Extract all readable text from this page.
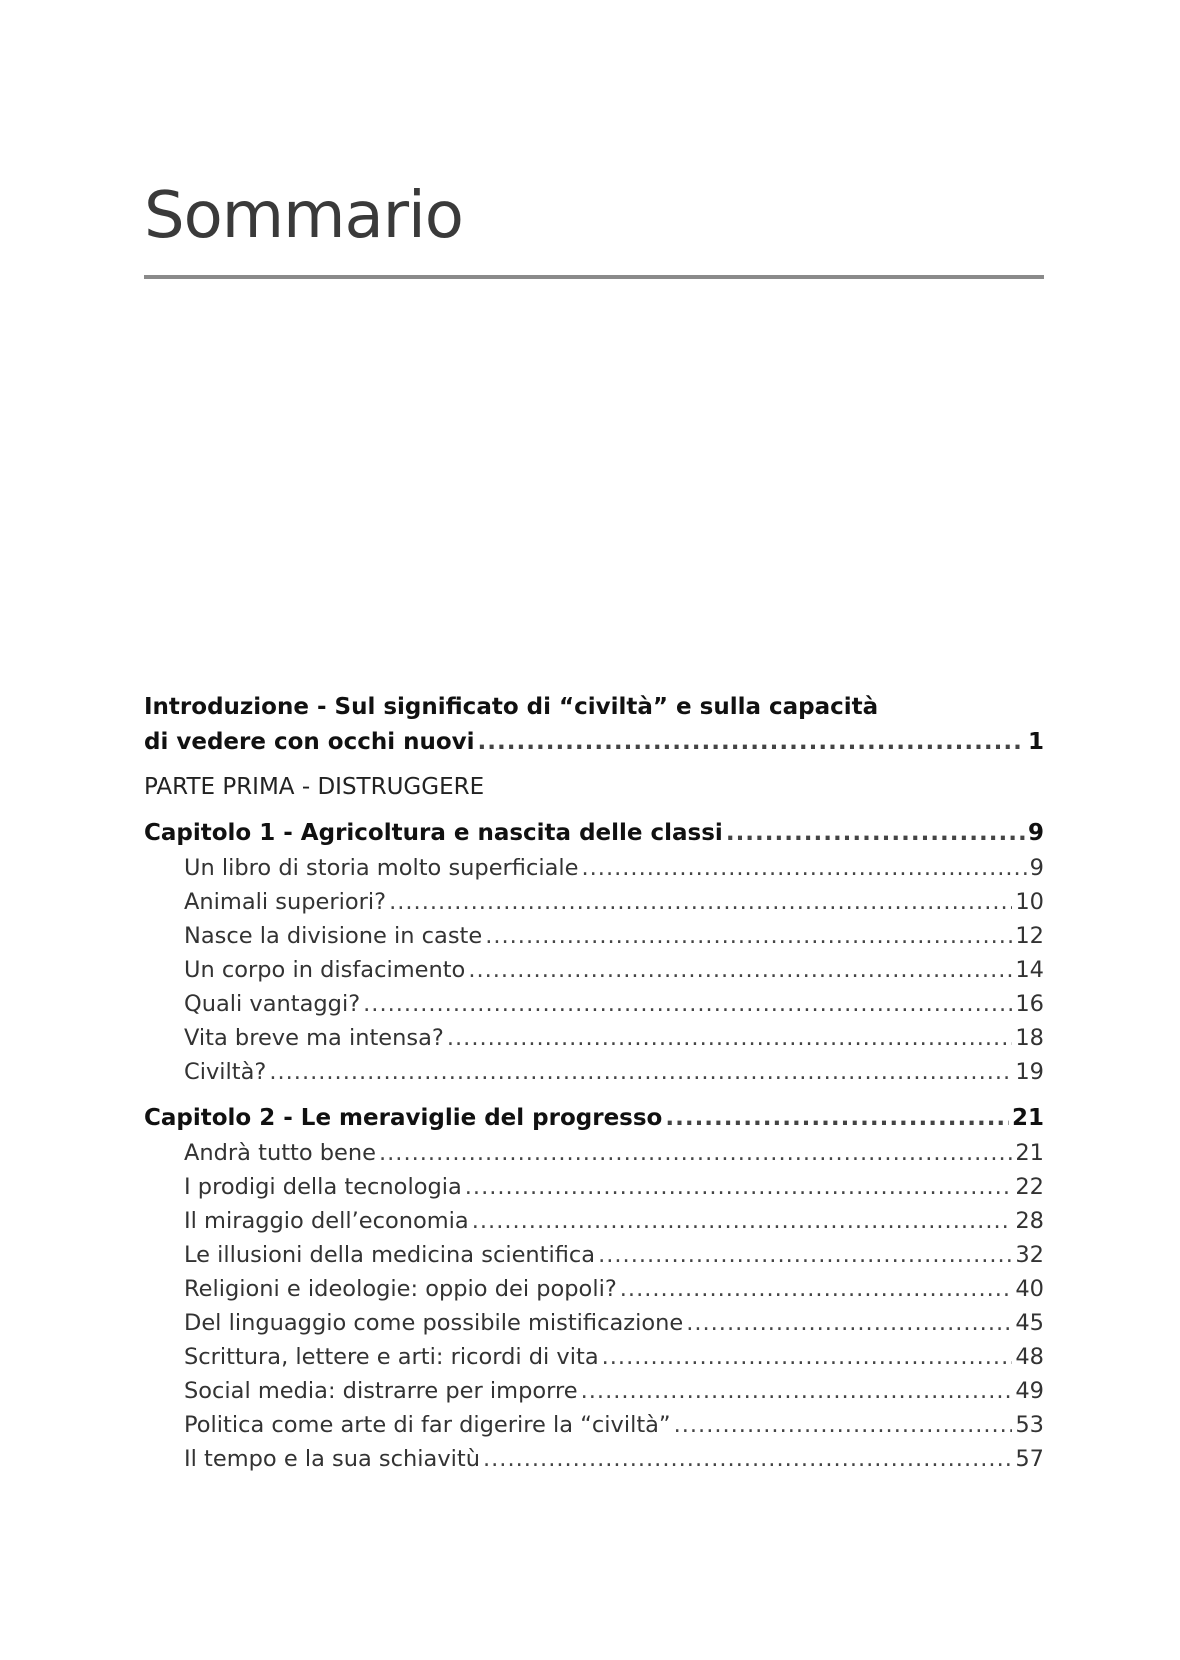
Sommario
Introduzione - Sul significato di “civiltà” e sulla capacità
di vedere con occhi nuovi .....	1
PARTE PRIMA - DISTRUGGERE
Capitolo 1 - Agricoltura e nascita delle classi .....	9
Un libro di storia molto superficiale .....	9
Animali superiori? .....	10
Nasce la divisione in caste .....	12
Un corpo in disfacimento .....	14
Quali vantaggi? .....	16
Vita breve ma intensa? .....	18
Civiltà? .....	19
Capitolo 2 - Le meraviglie del progresso .....	21
Andrà tutto bene .....	21
I prodigi della tecnologia .....	22
Il miraggio dell’economia .....	28
Le illusioni della medicina scientifica .....	32
Religioni e ideologie: oppio dei popoli? .....	40
Del linguaggio come possibile mistificazione .....	45
Scrittura, lettere e arti: ricordi di vita .....	48
Social media: distrarre per imporre .....	49
Politica come arte di far digerire la “civiltà” .....	53
Il tempo e la sua schiavitù .....	57
